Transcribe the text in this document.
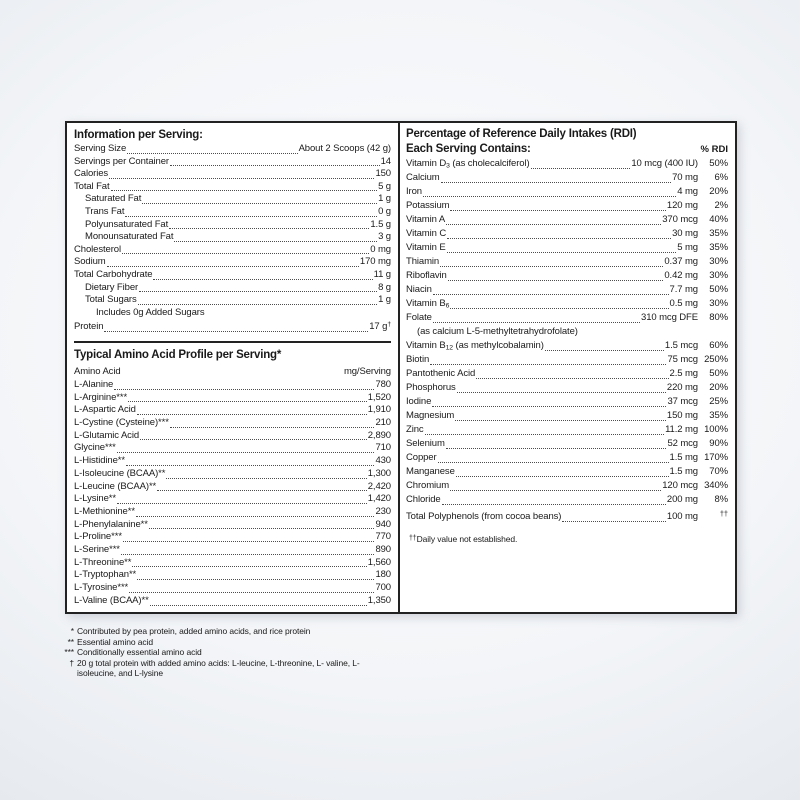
Information per Serving:
Serving Size	About 2 Scoops (42 g)
Servings per Container	14
Calories	150
Total Fat	5 g
Saturated Fat	1 g
Trans Fat	0 g
Polyunsaturated Fat	1.5 g
Monounsaturated Fat	3 g
Cholesterol	0 mg
Sodium	170 mg
Total Carbohydrate	11 g
Dietary Fiber	8 g
Total Sugars	1 g
Includes 0g Added Sugars
Protein	17 g†
Typical Amino Acid Profile per Serving*
Amino Acid	mg/Serving
L-Alanine	780
L-Arginine***	1,520
L-Aspartic Acid	1,910
L-Cystine (Cysteine)***	210
L-Glutamic Acid	2,890
Glycine***	710
L-Histidine**	430
L-Isoleucine (BCAA)**	1,300
L-Leucine (BCAA)**	2,420
L-Lysine**	1,420
L-Methionine**	230
L-Phenylalanine**	940
L-Proline***	770
L-Serine***	890
L-Threonine**	1,560
L-Tryptophan**	180
L-Tyrosine***	700
L-Valine (BCAA)**	1,350
Percentage of Reference Daily Intakes (RDI)
Each Serving Contains:	% RDI
Vitamin $D_3$ (as cholecalciferol)	10 mcg (400 IU)	50%
Calcium	70 mg	6%
Iron	4 mg	20%
Potassium	120 mg	2%
Vitamin A	370 mcg	40%
Vitamin C	30 mg	35%
Vitamin E	5 mg	35%
Thiamin	0.37 mg	30%
Riboflavin	0.42 mg	30%
Niacin	7.7 mg	50%
Vitamin $B_6$	0.5 mg	30%
Folate	310 mcg DFE	80%
(as calcium L-5-methyltetrahydrofolate)
Vitamin $B_{12}$ (as methylcobalamin)	1.5 mcg	60%
Biotin	75 mcg 250%
Pantothenic Acid	2.5 mg	50%
Phosphorus	220 mg	20%
Iodine	37 mcg	25%
Magnesium	150 mg	35%
Zinc	11.2 mg 100%
Selenium	52 mcg	90%
Copper	1.5 mg 170%
Manganese	1.5 mg	70%
Chromium	120 mcg 340%
Chloride	200 mg	8%
Total Polyphenols (from cocoa beans)	100 mg	††
††Daily value not established.
* Contributed by pea protein, added amino acids, and rice protein
** Essential amino acid
*** Conditionally essential amino acid
† 20 g total protein with added amino acids: L-leucine, L-threonine, L- valine, L-isoleucine, and L-lysine
